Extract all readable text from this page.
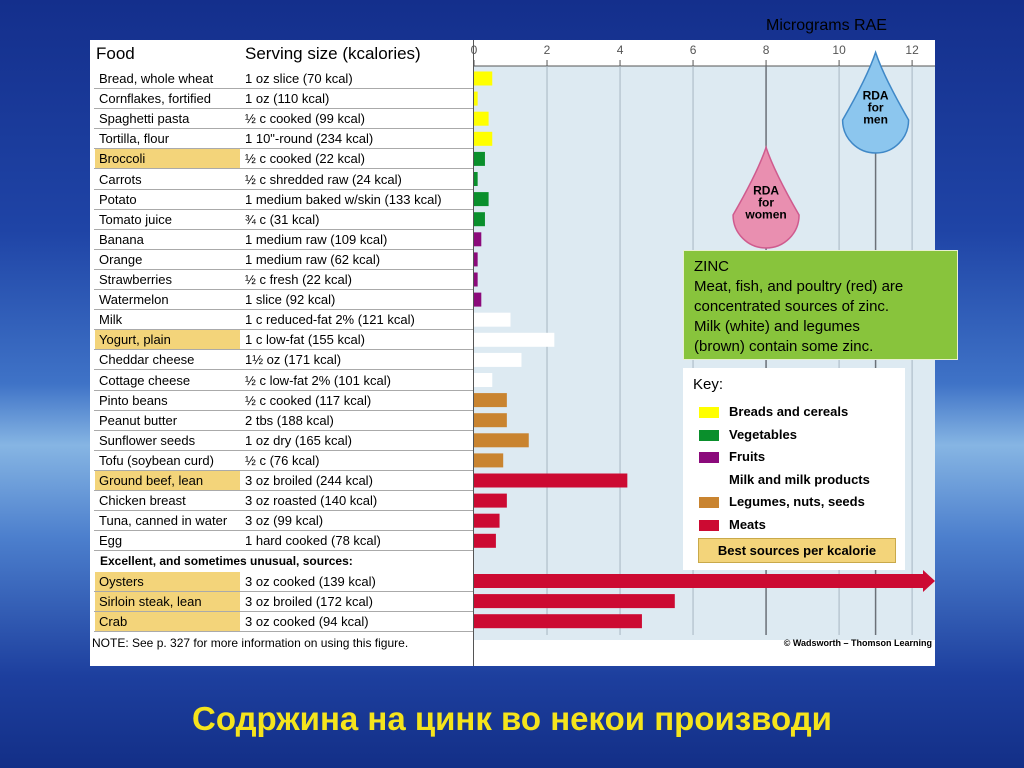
Micrograms RAE
Food	Serving size (kcalories)
Bread, whole wheat	1 oz slice (70 kcal)
Cornflakes, fortified	1 oz (110 kcal)
Spaghetti pasta	½ c cooked (99 kcal)
Tortilla, flour	1 10"-round (234 kcal)
Broccoli	½ c cooked (22 kcal)
Carrots	½ c shredded raw (24 kcal)
Potato	1 medium baked w/skin (133 kcal)
Tomato juice	¾ c (31 kcal)
Banana	1 medium raw (109 kcal)
Orange	1 medium raw (62 kcal)
Strawberries	½ c fresh (22 kcal)
Watermelon	1 slice (92 kcal)
Milk	1 c reduced-fat 2% (121 kcal)
Yogurt, plain	1 c low-fat (155 kcal)
Cheddar cheese	1½ oz (171 kcal)
Cottage cheese	½ c low-fat 2% (101 kcal)
Pinto beans	½ c cooked (117 kcal)
Peanut butter	2 tbs (188 kcal)
Sunflower seeds	1 oz dry (165 kcal)
Tofu (soybean curd)	½ c (76 kcal)
Ground beef, lean	3 oz broiled (244 kcal)
Chicken breast	3 oz roasted (140 kcal)
Tuna, canned in water	3 oz (99 kcal)
Egg	1 hard cooked (78 kcal)
Oysters	3 oz cooked (139 kcal)
Sirloin steak, lean	3 oz broiled (172 kcal)
Crab	3 oz cooked (94 kcal)
Excellent, and sometimes unusual, sources:
NOTE: See p. 327 for more information on using this figure.
0	2	4	6	8	10	12
RDA
for
men
RDA
for
women
© Wadsworth – Thomson Learning
ZINC
Meat, fish, and poultry (red) are
concentrated sources of zinc.
Milk (white) and legumes
(brown) contain some zinc.
Key:
Breads and cereals
Vegetables
Fruits
Milk and milk products
Legumes, nuts, seeds
Meats
Best sources per kcalorie
Содржина на цинк во некои производи
